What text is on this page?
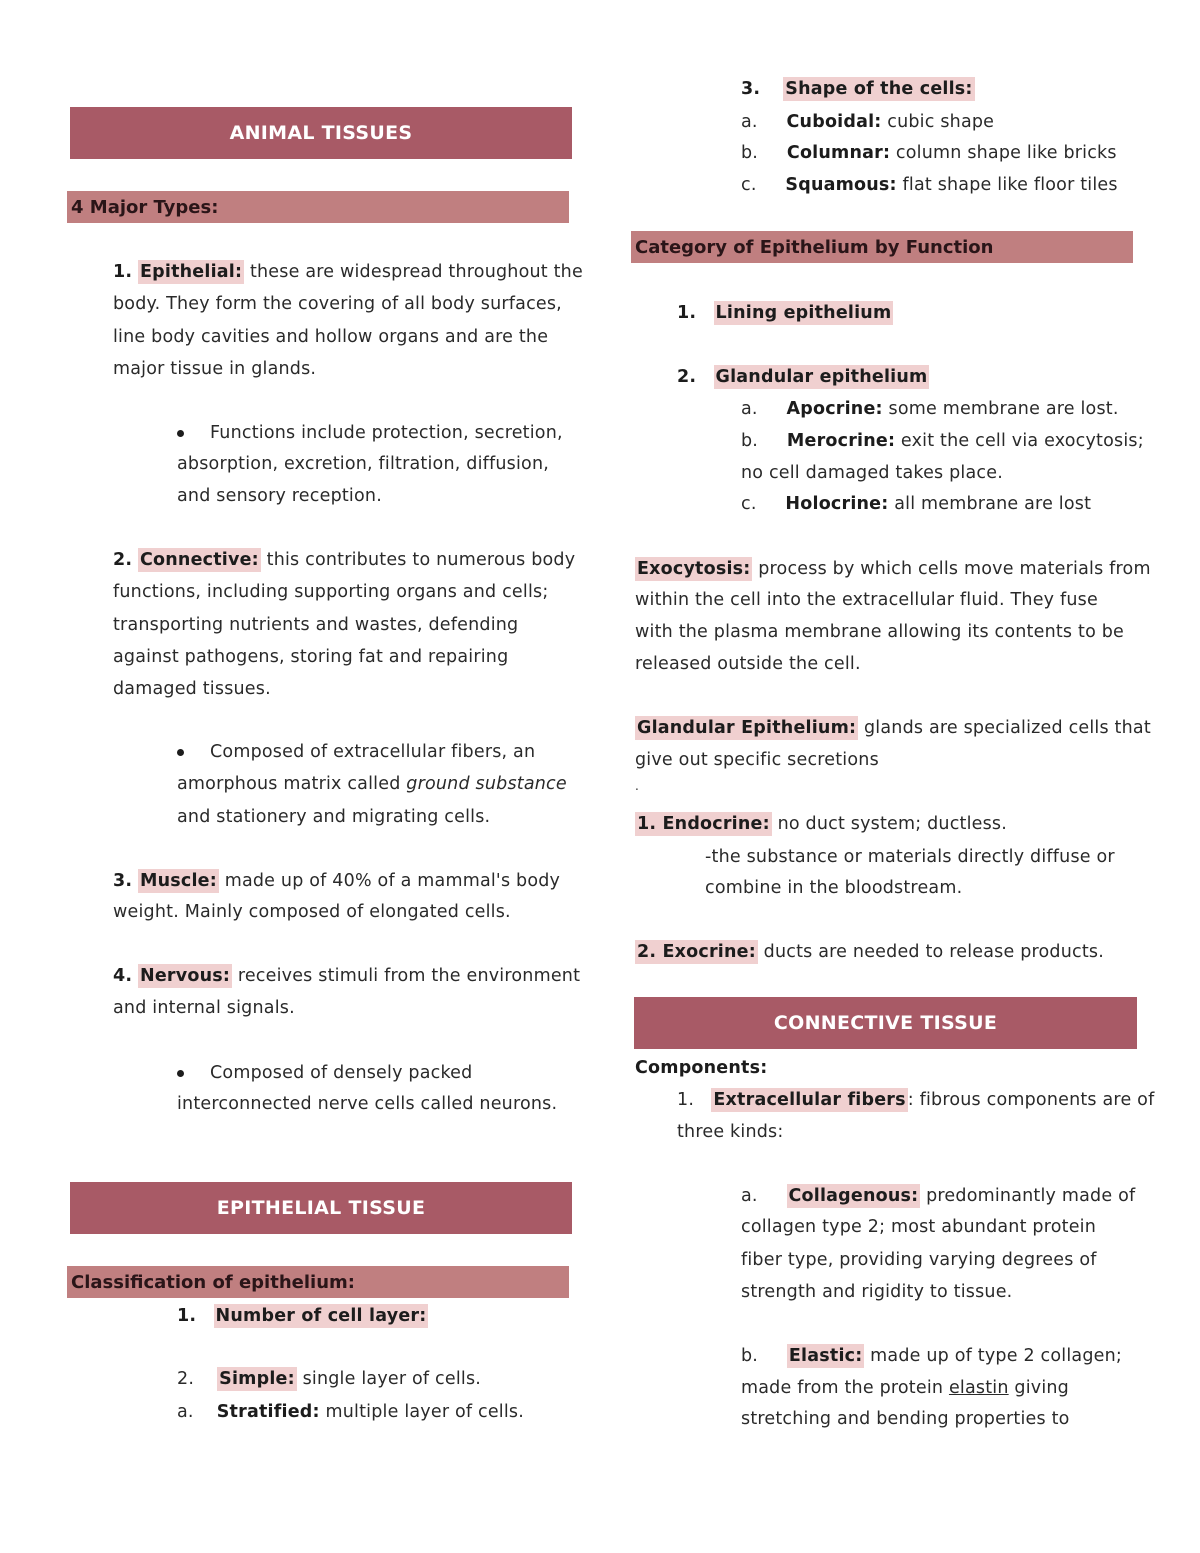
ANIMAL TISSUES
4 Major Types:
1. Epithelial: these are widespread throughout the
body. They form the covering of all body surfaces,
line body cavities and hollow organs and are the
major tissue in glands.
Functions include protection, secretion,
absorption, excretion, filtration, diffusion,
and sensory reception.
2. Connective: this contributes to numerous body
functions, including supporting organs and cells;
transporting nutrients and wastes, defending
against pathogens, storing fat and repairing
damaged tissues.
Composed of extracellular fibers, an
amorphous matrix called ground substance
and stationery and migrating cells.
3. Muscle: made up of 40% of a mammal's body
weight. Mainly composed of elongated cells.
4. Nervous: receives stimuli from the environment
and internal signals.
Composed of densely packed
interconnected nerve cells called neurons.
EPITHELIAL TISSUE
Classification of epithelium:
1. Number of cell layer:
2. Simple: single layer of cells.
a. Stratified: multiple layer of cells.
3. Shape of the cells:
a. Cuboidal: cubic shape
b. Columnar: column shape like bricks
c. Squamous: flat shape like floor tiles
Category of Epithelium by Function
1. Lining epithelium
2. Glandular epithelium
a. Apocrine: some membrane are lost.
b. Merocrine: exit the cell via exocytosis;
no cell damaged takes place.
c. Holocrine: all membrane are lost
Exocytosis: process by which cells move materials from
within the cell into the extracellular fluid. They fuse
with the plasma membrane allowing its contents to be
released outside the cell.
Glandular Epithelium: glands are specialized cells that
give out specific secretions
.
1. Endocrine: no duct system; ductless.
-the substance or materials directly diffuse or
combine in the bloodstream.
2. Exocrine: ducts are needed to release products.
CONNECTIVE TISSUE
Components:
1. Extracellular fibers : fibrous components are of
three kinds:
a. Collagenous: predominantly made of
collagen type 2; most abundant protein
fiber type, providing varying degrees of
strength and rigidity to tissue.
b. Elastic: made up of type 2 collagen;
made from the protein elastin giving
stretching and bending properties to
